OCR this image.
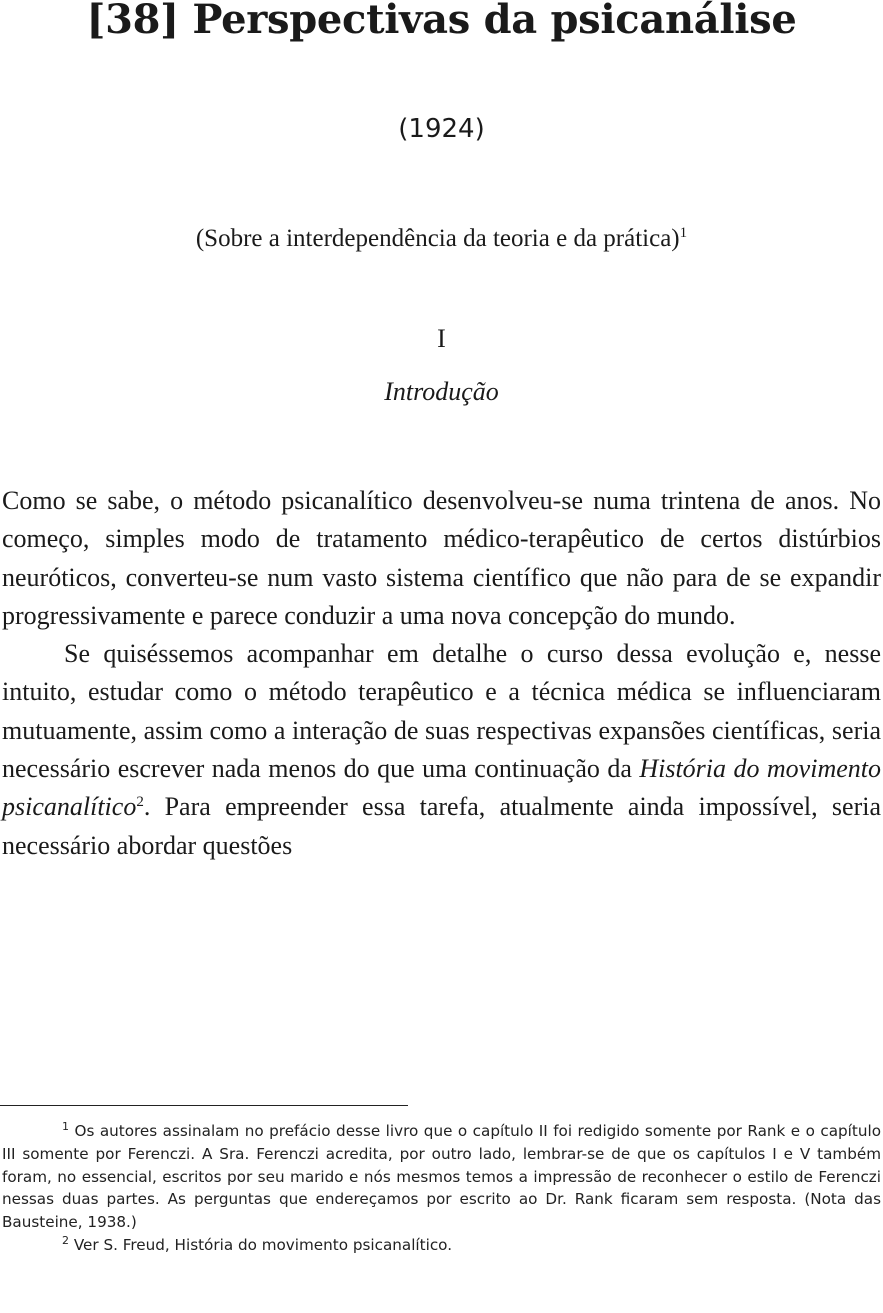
[38] Perspectivas da psicanálise
(1924)
(Sobre a interdependência da teoria e da prática)$^1$
I
Introdução

Como se sabe, o método psicanalítico desenvolveu-se numa trintena de anos. No começo, simples modo de tratamento médico-terapêutico de certos distúrbios neuróticos, converteu-se num vasto sistema científico que não para de se expandir progressivamente e parece conduzir a uma nova concepção do mundo.

Se quiséssemos acompanhar em detalhe o curso dessa evolução e, nesse intuito, estudar como o método terapêutico e a técnica médica se influenciaram mutuamente, assim como a interação de suas respectivas expansões científicas, seria necessário escrever nada menos do que uma continuação da História do movimento psicanalítico$^2$. Para empreender essa tarefa, atualmente ainda impossível, seria necessário abordar questões

$^1$ Os autores assinalam no prefácio desse livro que o capítulo II foi redigido somente por Rank e o capítulo III somente por Ferenczi. A Sra. Ferenczi acredita, por outro lado, lembrar-se de que os capítulos I e V também foram, no essencial, escritos por seu marido e nós mesmos temos a impressão de reconhecer o estilo de Ferenczi nessas duas partes. As perguntas que endereçamos por escrito ao Dr. Rank ficaram sem resposta. (Nota das Bausteine, 1938.)

$^2$ Ver S. Freud, História do movimento psicanalítico.
